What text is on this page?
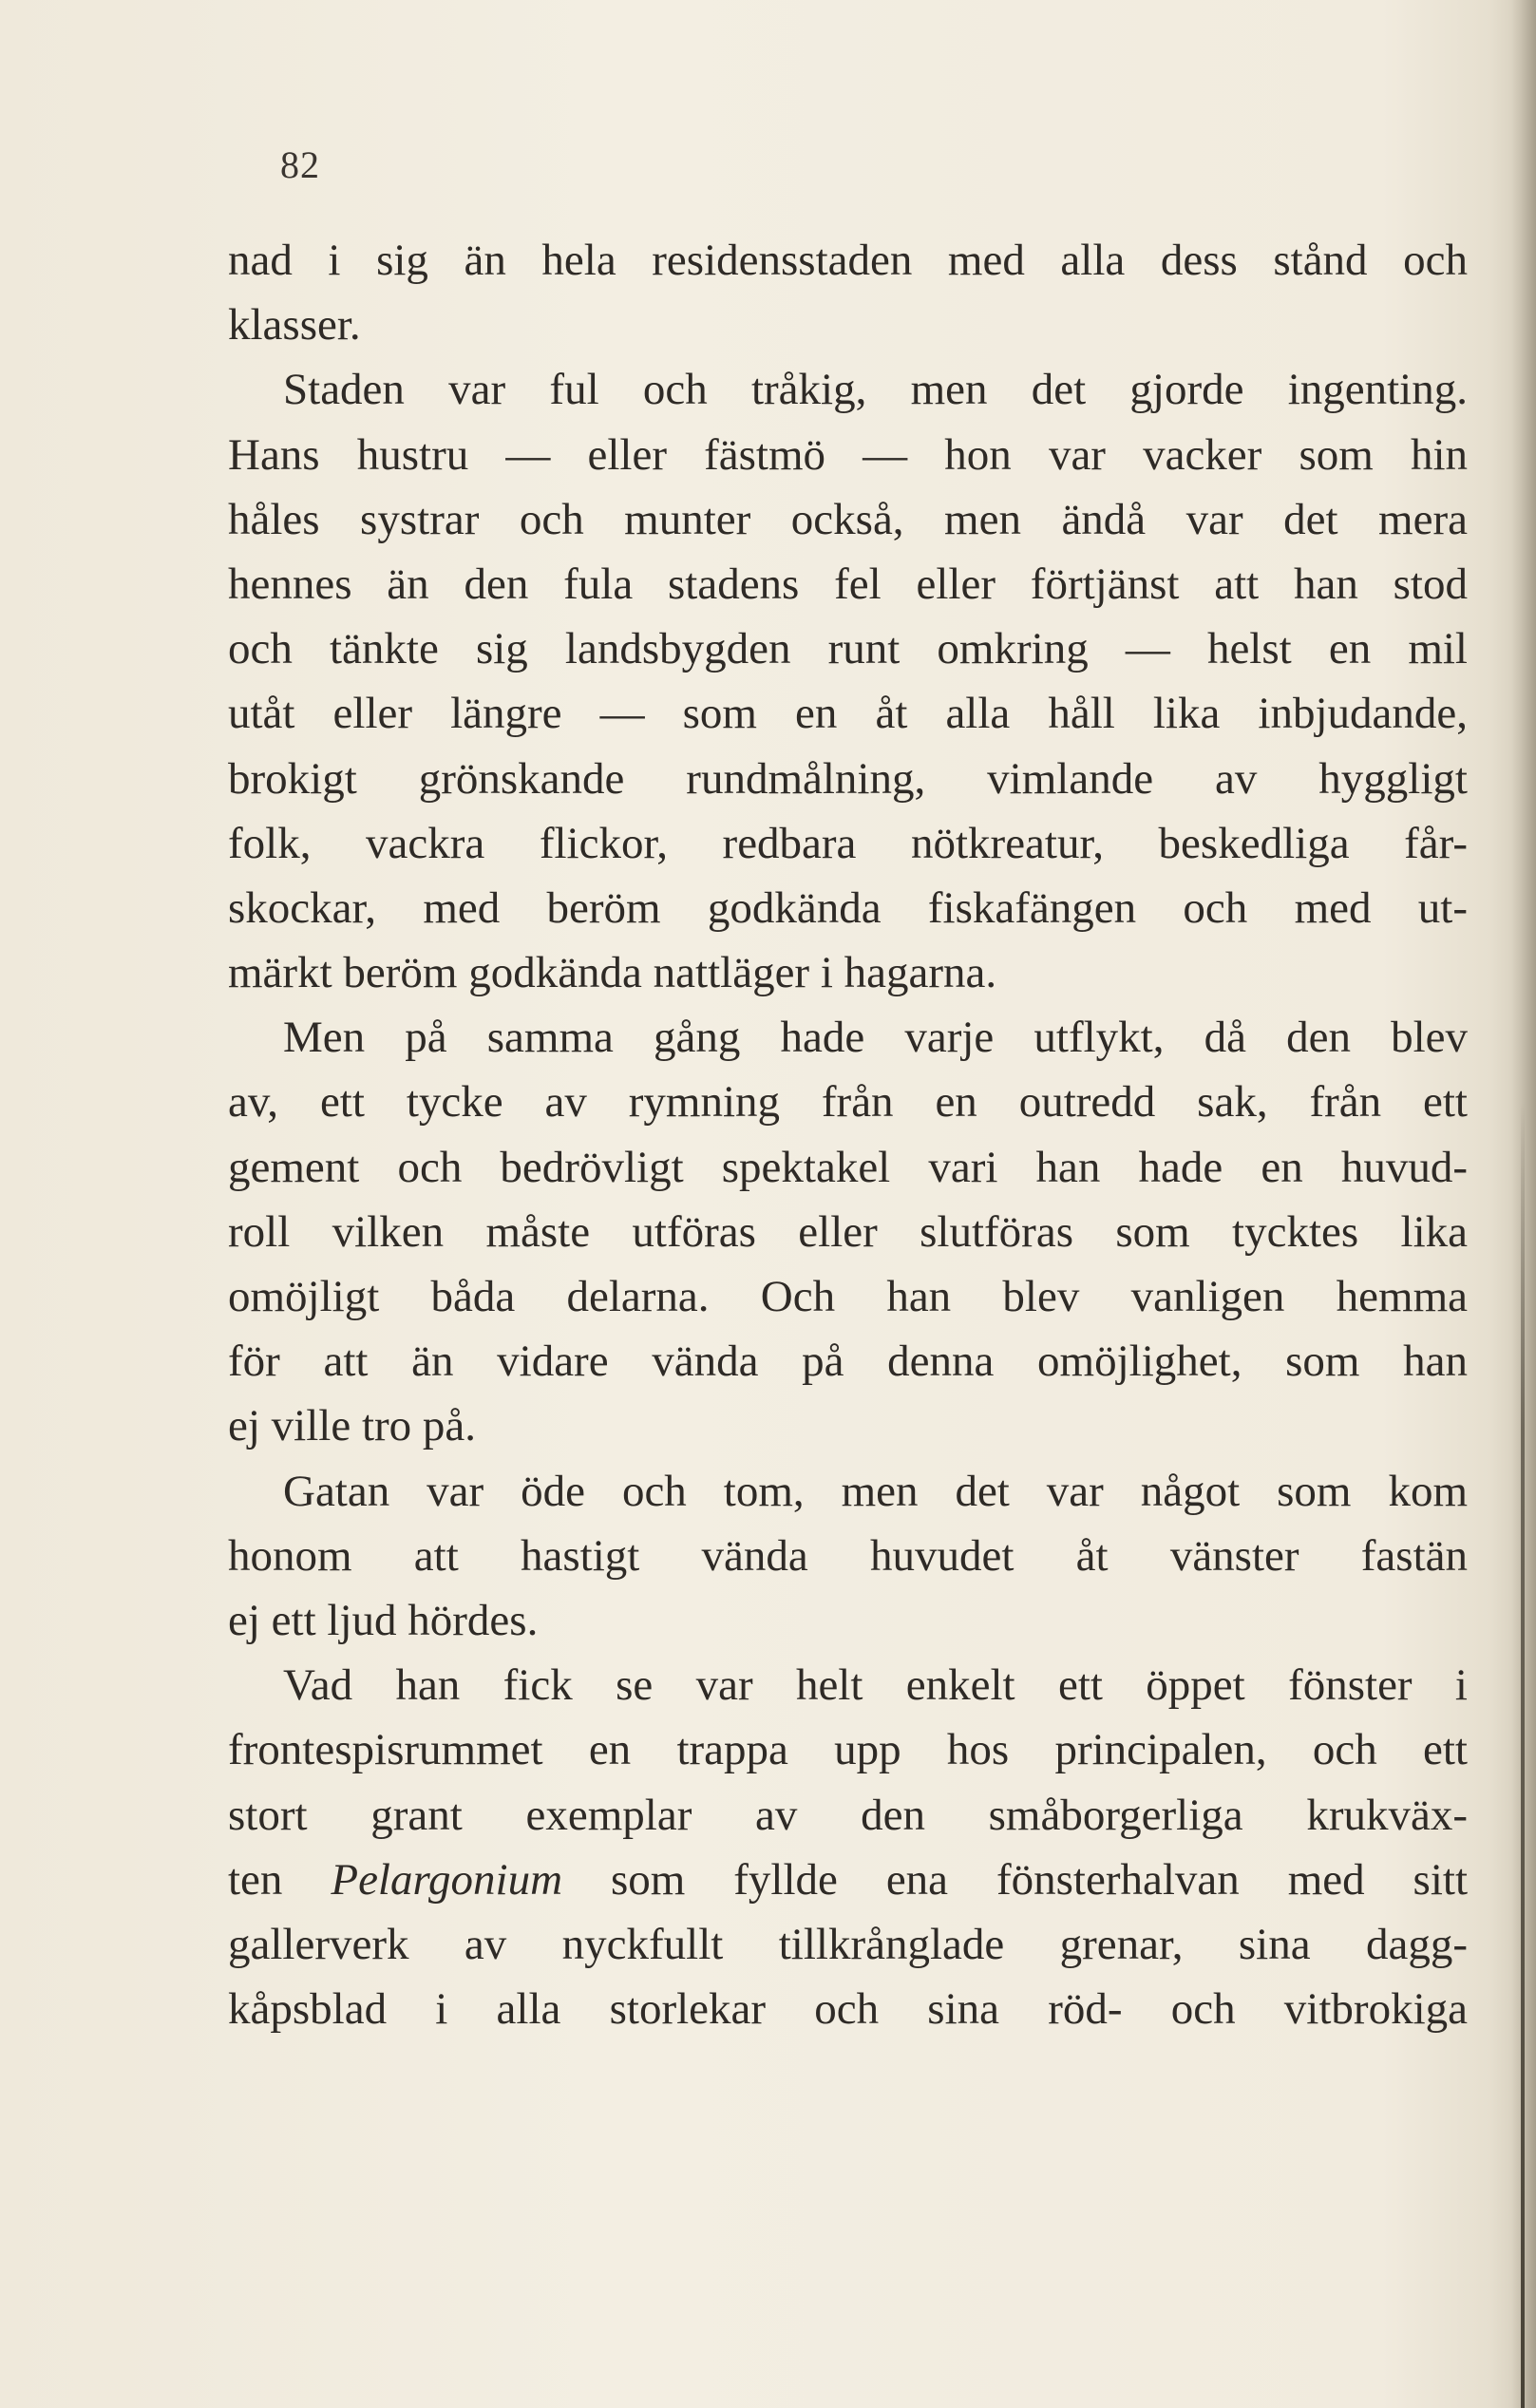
82
nad i sig än hela residensstaden med alla dess stånd och
klasser.
Staden var ful och tråkig, men det gjorde ingenting.
Hans hustru — eller fästmö — hon var vacker som hin
håles systrar och munter också, men ändå var det mera
hennes än den fula stadens fel eller förtjänst att han stod
och tänkte sig landsbygden runt omkring — helst en mil
utåt eller längre — som en åt alla håll lika inbjudande,
brokigt grönskande rundmålning, vimlande av hyggligt
folk, vackra flickor, redbara nötkreatur, beskedliga får-
skockar, med beröm godkända fiskafängen och med ut-
märkt beröm godkända nattläger i hagarna.
Men på samma gång hade varje utflykt, då den blev
av, ett tycke av rymning från en outredd sak, från ett
gement och bedrövligt spektakel vari han hade en huvud-
roll vilken måste utföras eller slutföras som tycktes lika
omöjligt båda delarna. Och han blev vanligen hemma
för att än vidare vända på denna omöjlighet, som han
ej ville tro på.
Gatan var öde och tom, men det var något som kom
honom att hastigt vända huvudet åt vänster fastän
ej ett ljud hördes.
Vad han fick se var helt enkelt ett öppet fönster i
frontespisrummet en trappa upp hos principalen, och ett
stort grant exemplar av den småborgerliga krukväx-
ten Pelargonium som fyllde ena fönsterhalvan med sitt
gallerverk av nyckfullt tillkrånglade grenar, sina dagg-
kåpsblad i alla storlekar och sina röd- och vitbrokiga
